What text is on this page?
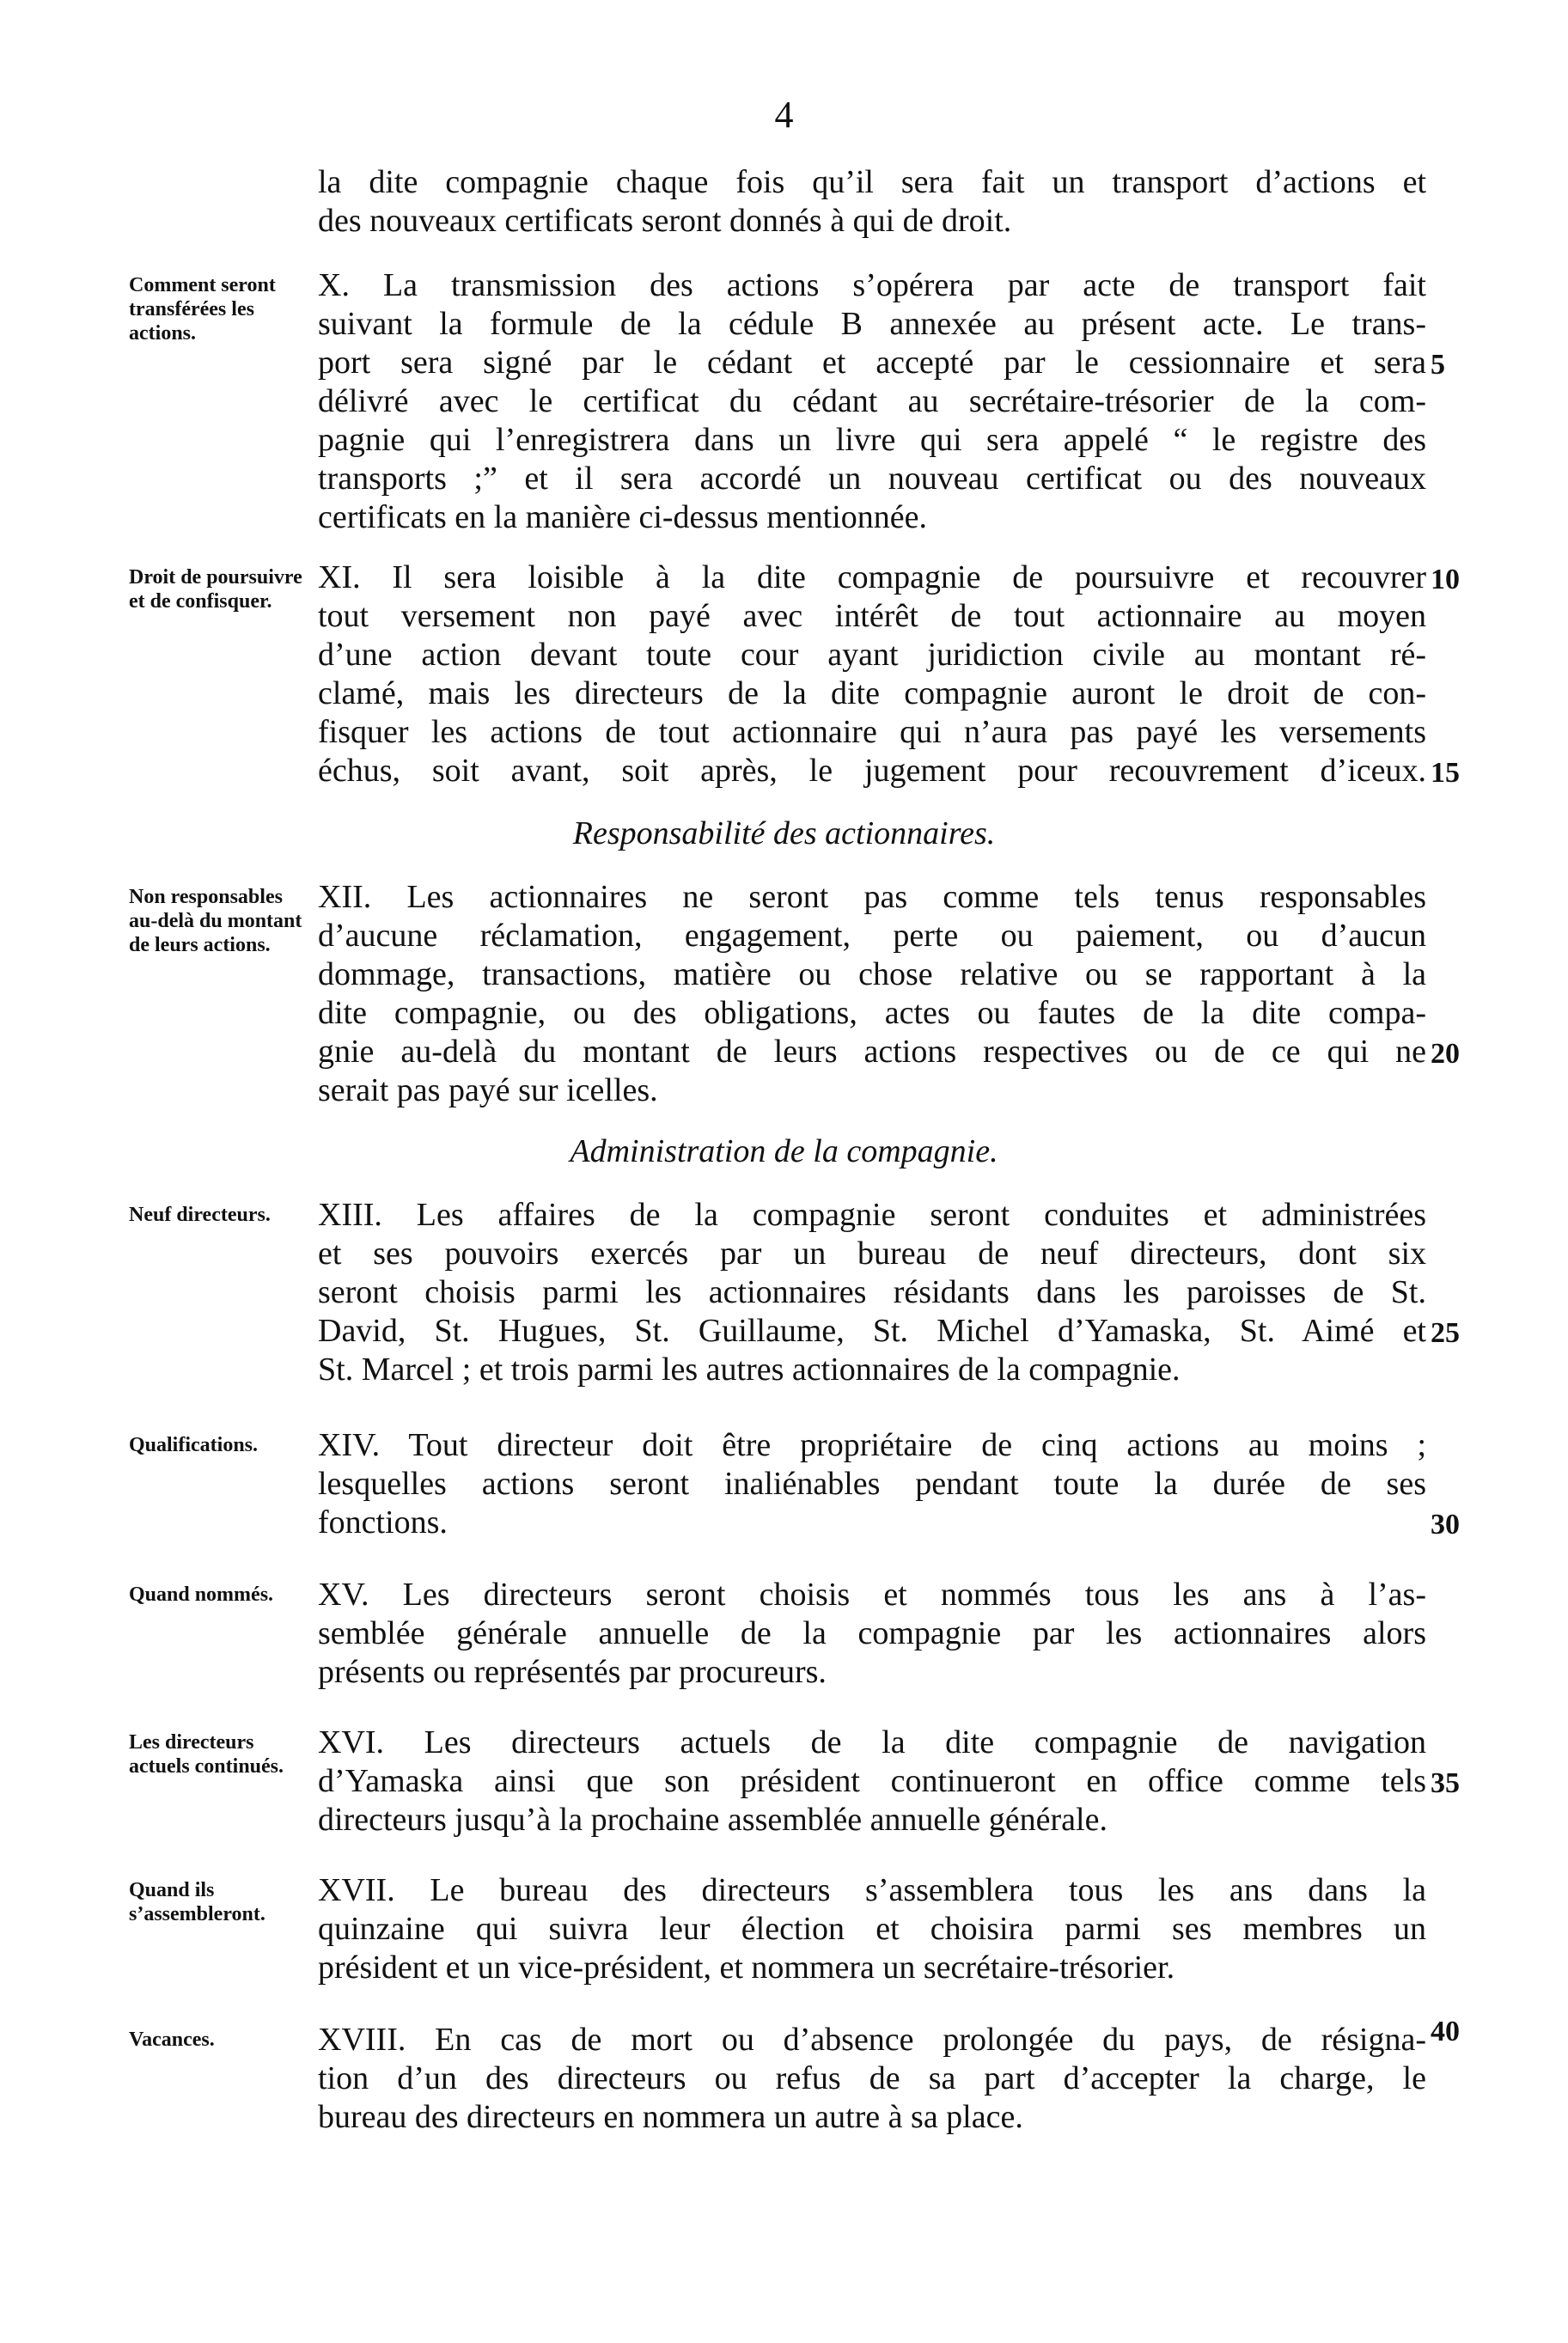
4
la dite compagnie chaque fois qu’il sera fait un transport d’actions et
des nouveaux certificats seront donnés à qui de droit.
Comment seront transférées les actions.
X. La transmission des actions s’opérera par acte de transport fait
suivant la formule de la cédule B annexée au présent acte. Le trans-
port sera signé par le cédant et accepté par le cessionnaire et sera
délivré avec le certificat du cédant au secrétaire-trésorier de la com-
pagnie qui l’enregistrera dans un livre qui sera appelé “ le registre des
transports ;” et il sera accordé un nouveau certificat ou des nouveaux
certificats en la manière ci-dessus mentionnée.
5
Droit de poursuivre et de confisquer.
XI. Il sera loisible à la dite compagnie de poursuivre et recouvrer
tout versement non payé avec intérêt de tout actionnaire au moyen
d’une action devant toute cour ayant juridiction civile au montant ré-
clamé, mais les directeurs de la dite compagnie auront le droit de con-
fisquer les actions de tout actionnaire qui n’aura pas payé les versements
échus, soit avant, soit après, le jugement pour recouvrement d’iceux.
10
15
Responsabilité des actionnaires.
Non responsables au-delà du montant de leurs actions.
XII. Les actionnaires ne seront pas comme tels tenus responsables
d’aucune réclamation, engagement, perte ou paiement, ou d’aucun
dommage, transactions, matière ou chose relative ou se rapportant à la
dite compagnie, ou des obligations, actes ou fautes de la dite compa-
gnie au-delà du montant de leurs actions respectives ou de ce qui ne
serait pas payé sur icelles.
20
Administration de la compagnie.
Neuf directeurs.	XIII. Les affaires de la compagnie seront conduites et administrées
et ses pouvoirs exercés par un bureau de neuf directeurs, dont six
seront choisis parmi les actionnaires résidants dans les paroisses de St.
David, St. Hugues, St. Guillaume, St. Michel d’Yamaska, St. Aimé et
St. Marcel ; et trois parmi les autres actionnaires de la compagnie.
25
Qualifications.	XIV. Tout directeur doit être propriétaire de cinq actions au moins ;
lesquelles actions seront inaliénables pendant toute la durée de ses
fonctions.	30
Quand nommés.	XV. Les directeurs seront choisis et nommés tous les ans à l’as-
semblée générale annuelle de la compagnie par les actionnaires alors
présents ou représentés par procureurs.
Les directeurs actuels continués.
XVI. Les directeurs actuels de la dite compagnie de navigation
d’Yamaska ainsi que son président continueront en office comme tels
directeurs jusqu’à la prochaine assemblée annuelle générale.
35
Quand ils s’assembleront.
XVII. Le bureau des directeurs s’assemblera tous les ans dans la
quinzaine qui suivra leur élection et choisira parmi ses membres un
président et un vice-président, et nommera un secrétaire-trésorier.
Vacances.	XVIII. En cas de mort ou d’absence prolongée du pays, de résigna-
tion d’un des directeurs ou refus de sa part d’accepter la charge, le
bureau des directeurs en nommera un autre à sa place.
40
